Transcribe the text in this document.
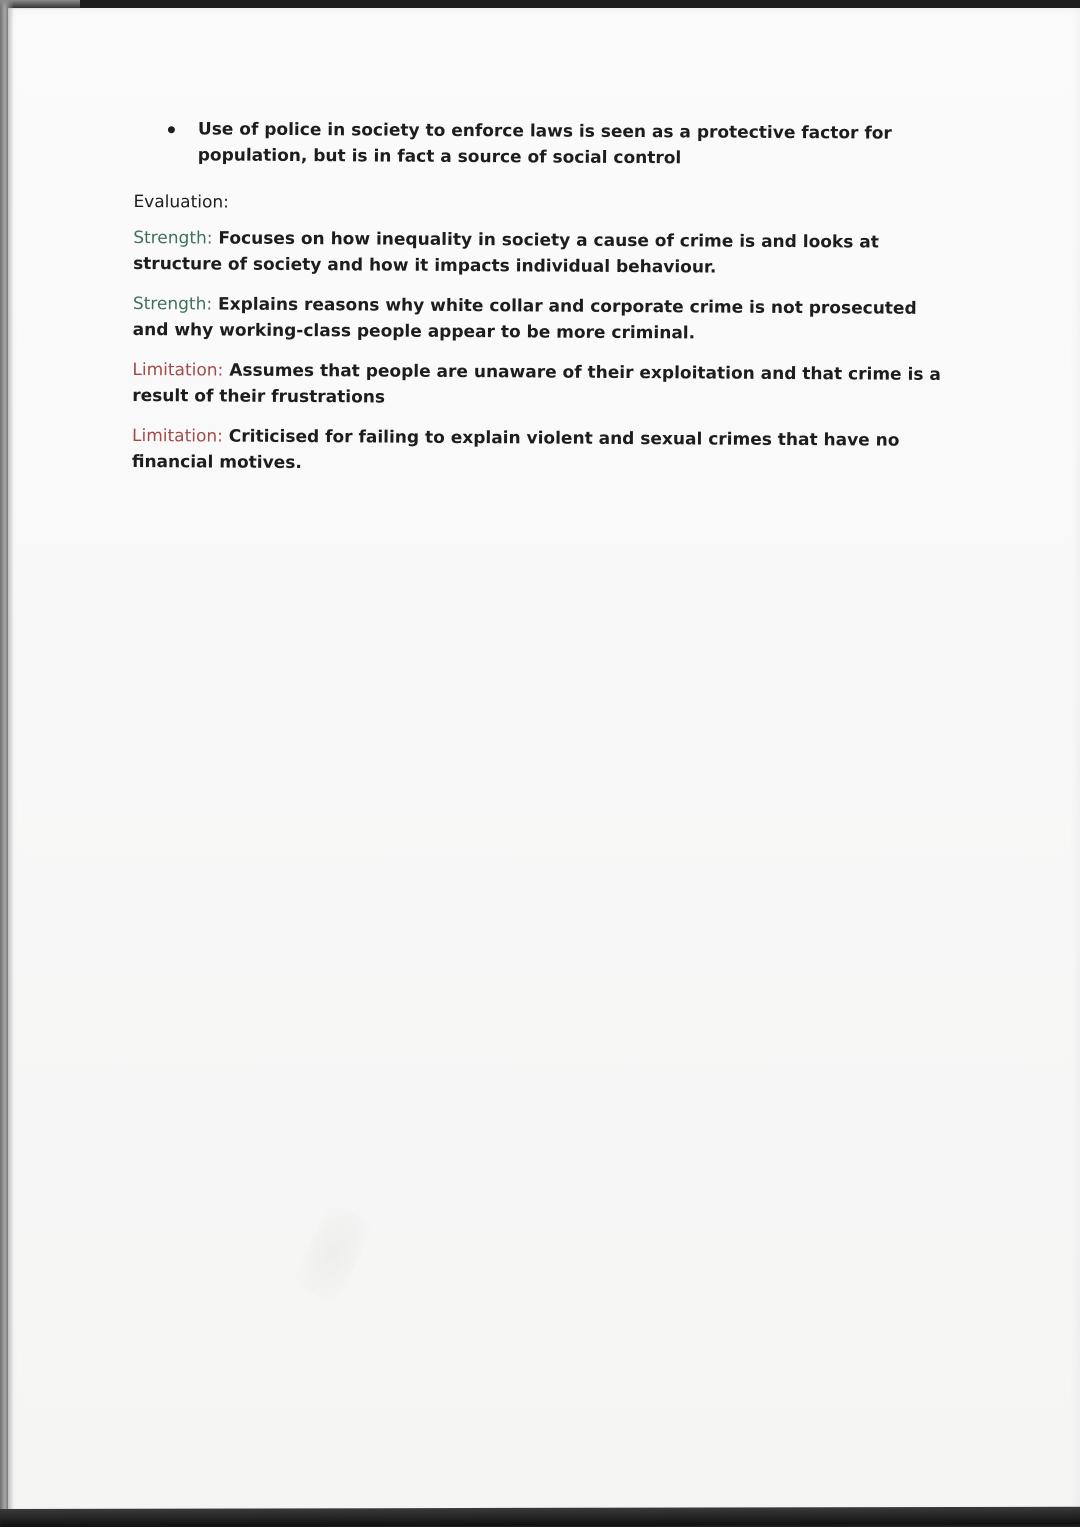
Use of police in society to enforce laws is seen as a protective factor for population, but is in fact a source of social control
Evaluation:
Strength: Focuses on how inequality in society a cause of crime is and looks at structure of society and how it impacts individual behaviour.
Strength: Explains reasons why white collar and corporate crime is not prosecuted and why working-class people appear to be more criminal.
Limitation: Assumes that people are unaware of their exploitation and that crime is a result of their frustrations
Limitation: Criticised for failing to explain violent and sexual crimes that have no financial motives.
